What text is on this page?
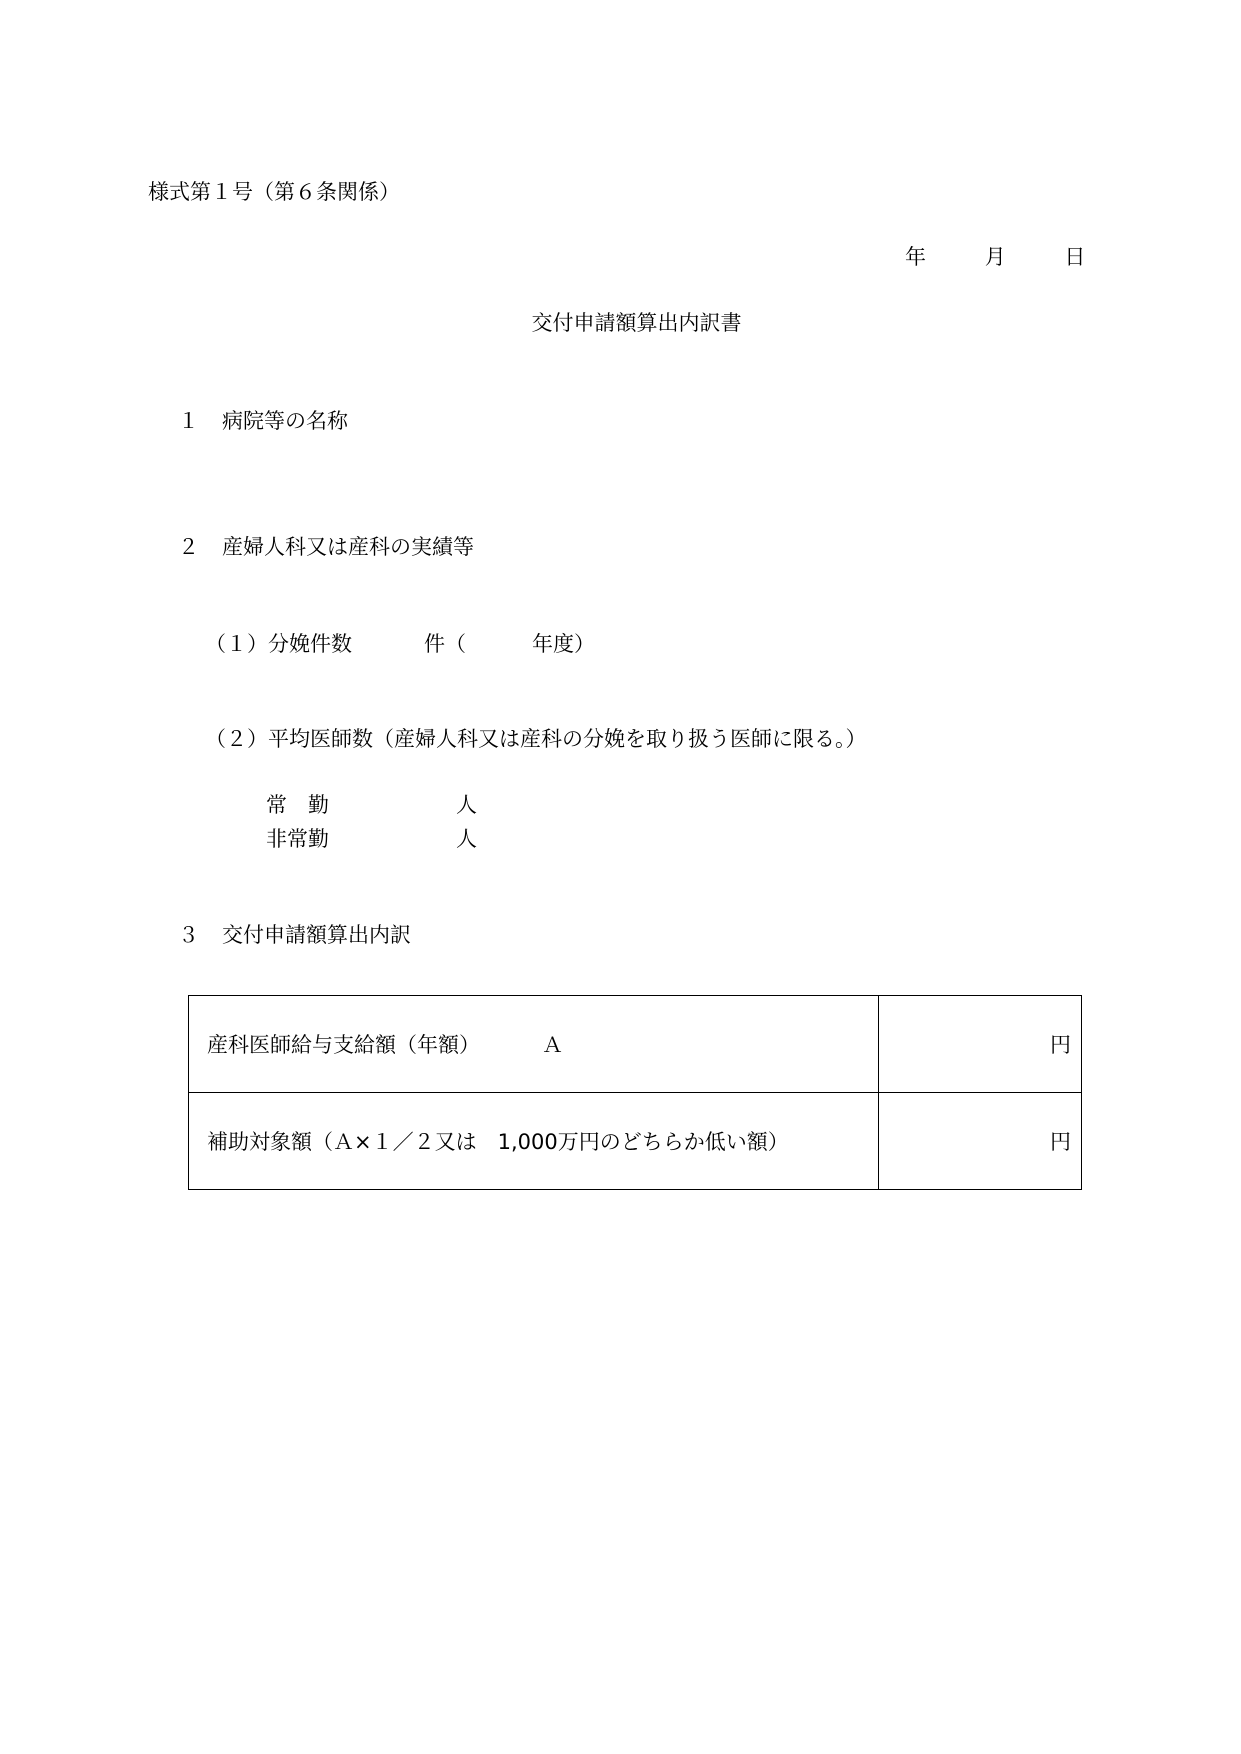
様式第１号（第６条関係）
年	月	日
交付申請額算出内訳書
１ 病院等の名称
２ 産婦人科又は産科の実績等
（１）分娩件数	件（	年度）
（２）平均医師数（産婦人科又は産科の分娩を取り扱う医師に限る。）
常　勤	人
非常勤	人
３ 交付申請額算出内訳
産科医師給与支給額（年額） Ａ	円
補助対象額（Ａ×１／２又は　1,000万円のどちらか低い額）	円
